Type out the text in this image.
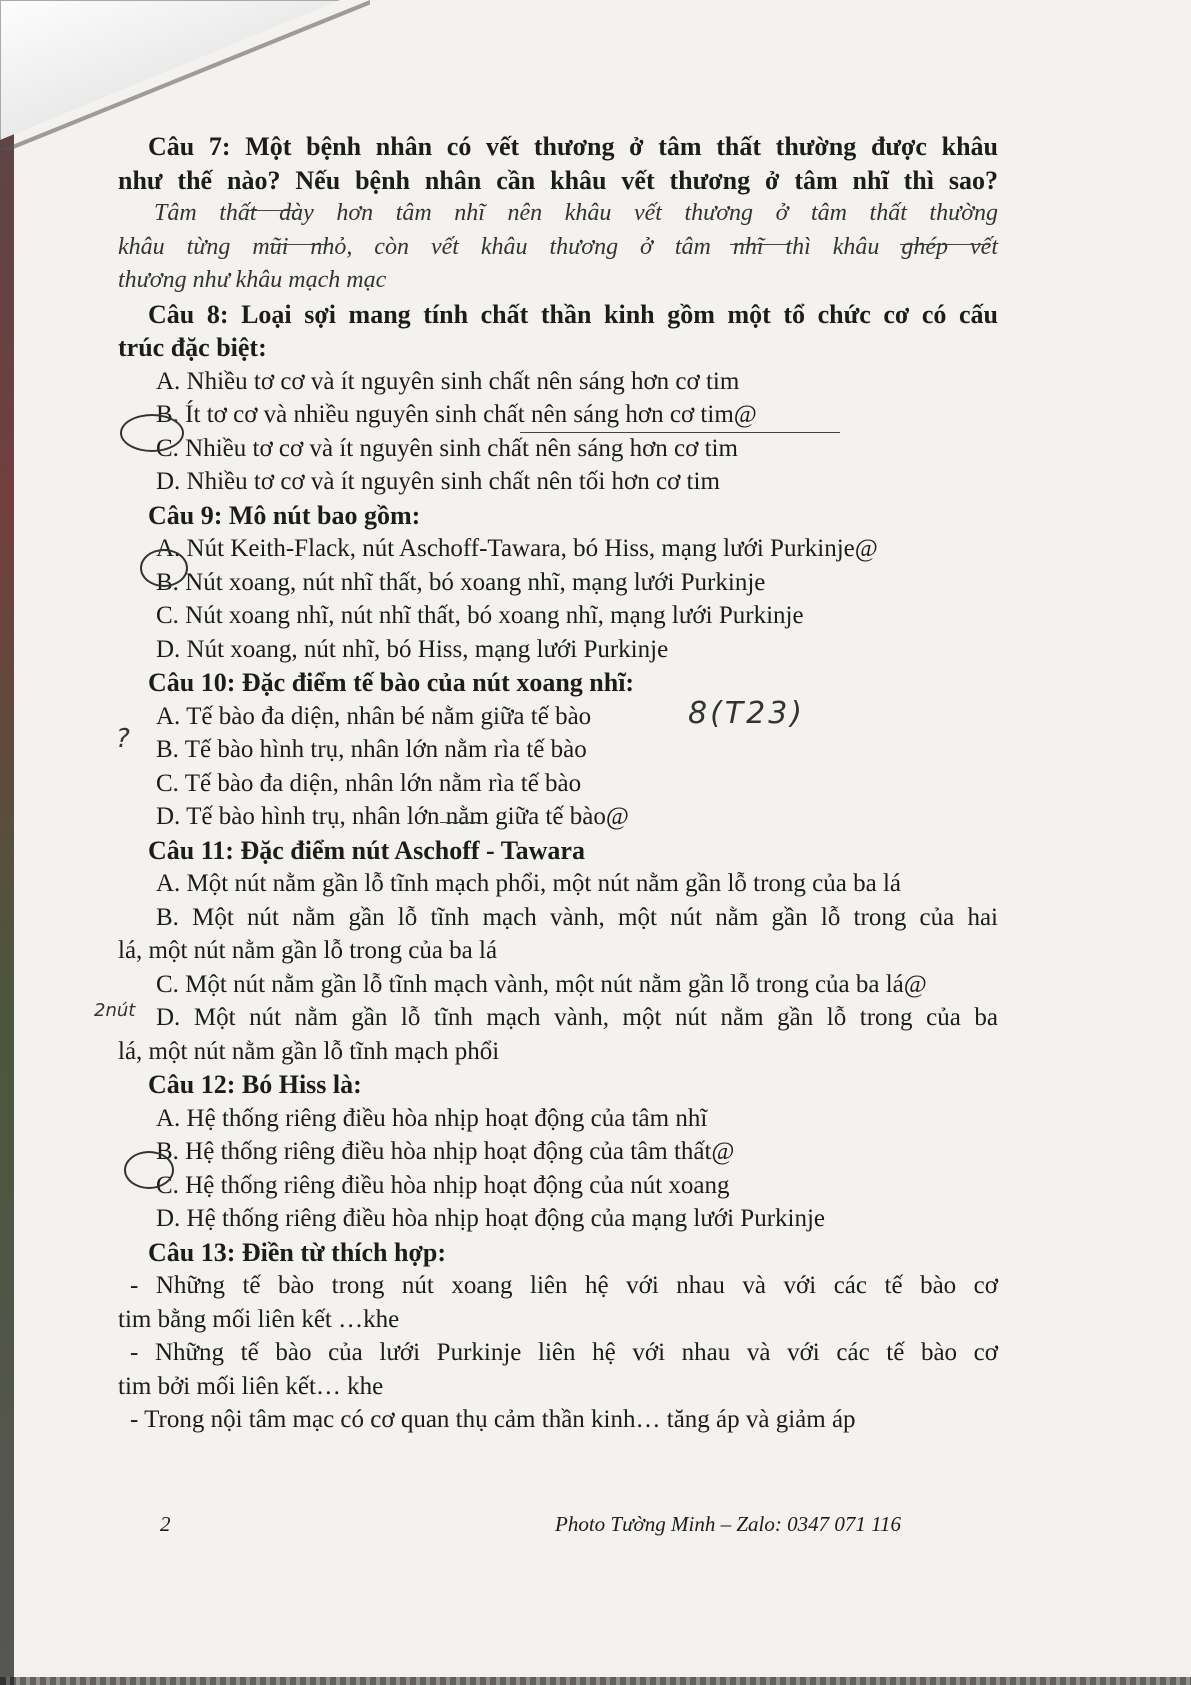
Câu 7: Một bệnh nhân có vết thương ở tâm thất thường được khâu
như thế nào? Nếu bệnh nhân cần khâu vết thương ở tâm nhĩ thì sao?
Tâm thất dày hơn tâm nhĩ nên khâu vết thương ở tâm thất thường
khâu từng mũi nhỏ, còn vết khâu thương ở tâm nhĩ thì khâu ghép vết
thương như khâu mạch mạc
Câu 8: Loại sợi mang tính chất thần kinh gồm một tổ chức cơ có cấu
trúc đặc biệt:
A. Nhiều tơ cơ và ít nguyên sinh chất nên sáng hơn cơ tim
B. Ít tơ cơ và nhiều nguyên sinh chất nên sáng hơn cơ tim@
C. Nhiều tơ cơ và ít nguyên sinh chất nên sáng hơn cơ tim
D. Nhiều tơ cơ và ít nguyên sinh chất nên tối hơn cơ tim
Câu 9: Mô nút bao gồm:
A. Nút Keith-Flack, nút Aschoff-Tawara, bó Hiss, mạng lưới Purkinje@
B. Nút xoang, nút nhĩ thất, bó xoang nhĩ, mạng lưới Purkinje
C. Nút xoang nhĩ, nút nhĩ thất, bó xoang nhĩ, mạng lưới Purkinje
D. Nút xoang, nút nhĩ, bó Hiss, mạng lưới Purkinje
Câu 10: Đặc điểm tế bào của nút xoang nhĩ:
A. Tế bào đa diện, nhân bé nằm giữa tế bào
B. Tế bào hình trụ, nhân lớn nằm rìa tế bào
C. Tế bào đa diện, nhân lớn nằm rìa tế bào
D. Tế bào hình trụ, nhân lớn nằm giữa tế bào@
Câu 11: Đặc điểm nút Aschoff - Tawara
A. Một nút nằm gần lỗ tĩnh mạch phổi, một nút nằm gần lỗ trong của ba lá
B. Một nút nằm gần lỗ tĩnh mạch vành, một nút nằm gần lỗ trong của hai
lá, một nút nằm gần lỗ trong của ba lá
C. Một nút nằm gần lỗ tĩnh mạch vành, một nút nằm gần lỗ trong của ba lá@
D. Một nút nằm gần lỗ tĩnh mạch vành, một nút nằm gần lỗ trong của ba
lá, một nút nằm gần lỗ tĩnh mạch phổi
Câu 12: Bó Hiss là:
A. Hệ thống riêng điều hòa nhịp hoạt động của tâm nhĩ
B. Hệ thống riêng điều hòa nhịp hoạt động của tâm thất@
C. Hệ thống riêng điều hòa nhịp hoạt động của nút xoang
D. Hệ thống riêng điều hòa nhịp hoạt động của mạng lưới Purkinje
Câu 13: Điền từ thích hợp:
- Những tế bào trong nút xoang liên hệ với nhau và với các tế bào cơ
tim bằng mối liên kết …khe
- Những tế bào của lưới Purkinje liên hệ với nhau và với các tế bào cơ
tim bởi mối liên kết… khe
- Trong nội tâm mạc có cơ quan thụ cảm thần kinh… tăng áp và giảm áp
?
8(T23)
2nút
2	Photo Tường Minh – Zalo: 0347 071 116
